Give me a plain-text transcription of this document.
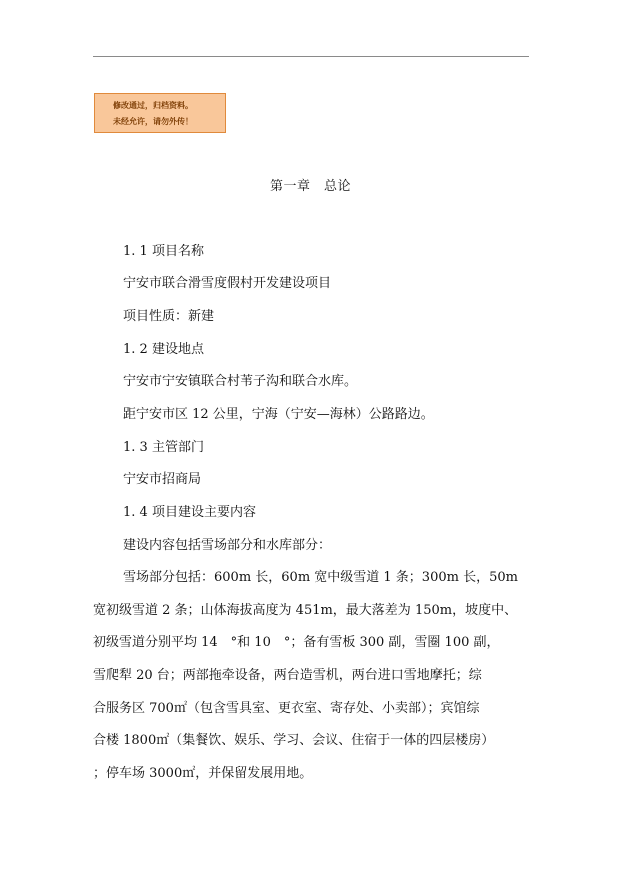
修改通过，归档资料。
未经允许，请勿外传！
第一章　总论
1. 1 项目名称
宁安市联合滑雪度假村开发建设项目
项目性质：新建
1. 2 建设地点
宁安市宁安镇联合村苇子沟和联合水库。
距宁安市区 12 公里，宁海（宁安—海林）公路路边。
1. 3 主管部门
宁安市招商局
1. 4 项目建设主要内容
建设内容包括雪场部分和水库部分：
雪场部分包括：600m 长，60m 宽中级雪道 1 条；300m 长，50m
宽初级雪道 2 条；山体海拔高度为 451m，最大落差为 150m，坡度中、
初级雪道分别平均 14　°和 10　°；备有雪板 300 副，雪圈 100 副，
雪爬犁 20 台；两部拖牵设备，两台造雪机，两台进口雪地摩托；综
合服务区 700㎡（包含雪具室、更衣室、寄存处、小卖部）；宾馆综
合楼 1800㎡（集餐饮、娱乐、学习、会议、住宿于一体的四层楼房）
；停车场 3000㎡，并保留发展用地。
